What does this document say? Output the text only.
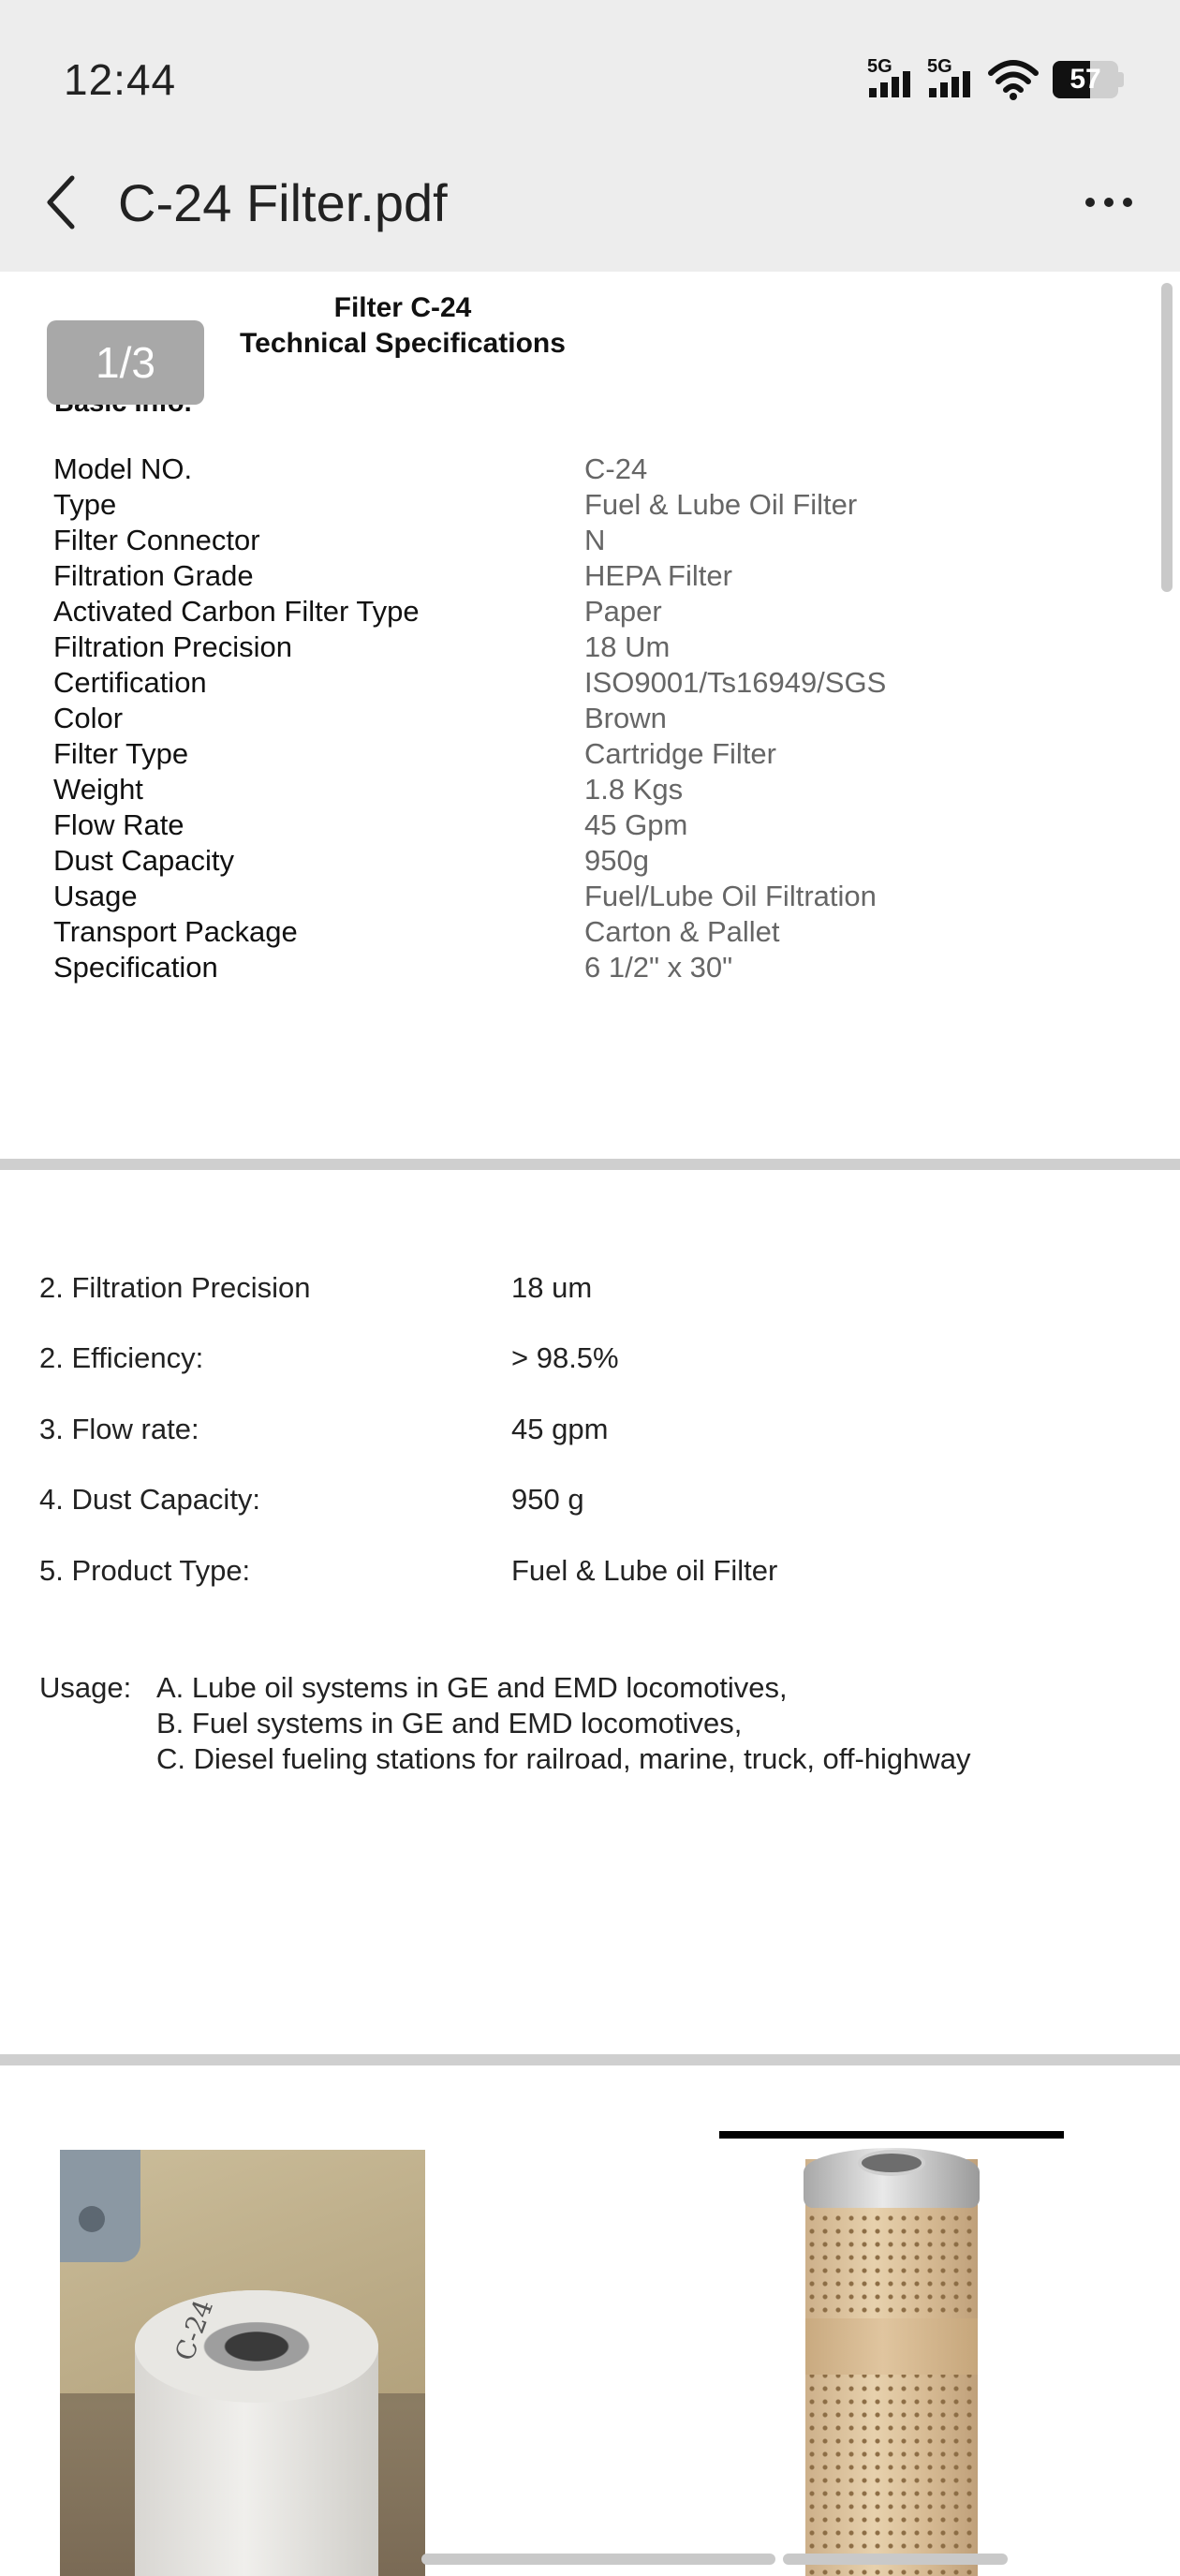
12:44	5G 5G	57
C-24 Filter.pdf
Filter C-24
Technical Specifications
1/3
Model NO.	C-24
Type	Fuel & Lube Oil Filter
Filter Connector	N
Filtration Grade	HEPA Filter
Activated Carbon Filter Type	Paper
Filtration Precision	18 Um
Certification	ISO9001/Ts16949/SGS
Color	Brown
Filter Type	Cartridge Filter
Weight	1.8 Kgs
Flow Rate	45 Gpm
Dust Capacity	950g
Usage	Fuel/Lube Oil Filtration
Transport Package	Carton & Pallet
Specification	6 1/2" x 30"
2. Filtration Precision	18 um
2. Efficiency:	> 98.5%
3. Flow rate:	45 gpm
4. Dust Capacity:	950 g
5. Product Type:	Fuel & Lube oil Filter
Usage: A. Lube oil systems in GE and EMD locomotives,
B. Fuel systems in GE and EMD locomotives,
C. Diesel fueling stations for railroad, marine, truck, off-highway
C-24
